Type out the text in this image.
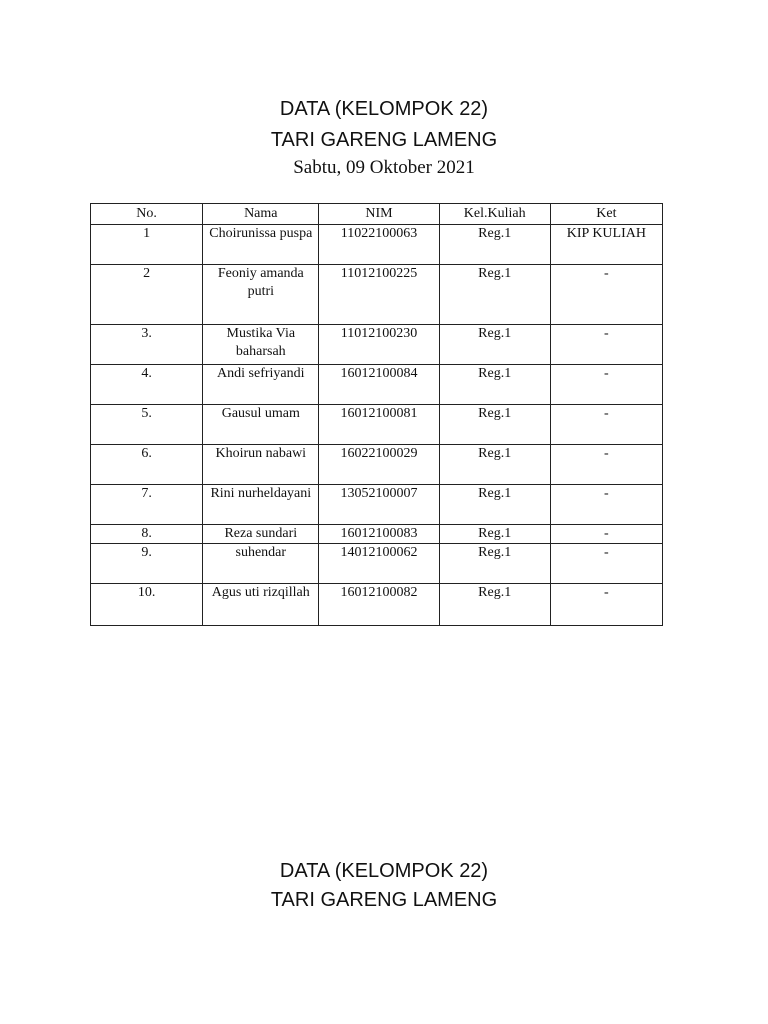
DATA (KELOMPOK 22)
TARI GARENG LAMENG
Sabtu, 09 Oktober 2021
No.	Nama	NIM	Kel.Kuliah	Ket
1	Choirunissa puspa	11022100063	Reg.1	KIP KULIAH
2	Feoniy amanda putri	11012100225	Reg.1	-
3.	Mustika Via baharsah	11012100230	Reg.1	-
4.	Andi sefriyandi	16012100084	Reg.1	-
5.	Gausul umam	16012100081	Reg.1	-
6.	Khoirun nabawi	16022100029	Reg.1	-
7.	Rini nurheldayani	13052100007	Reg.1	-
8.	Reza sundari	16012100083	Reg.1	-
9.	suhendar	14012100062	Reg.1	-
10.	Agus uti rizqillah	16012100082	Reg.1	-
DATA (KELOMPOK 22)
TARI GARENG LAMENG
